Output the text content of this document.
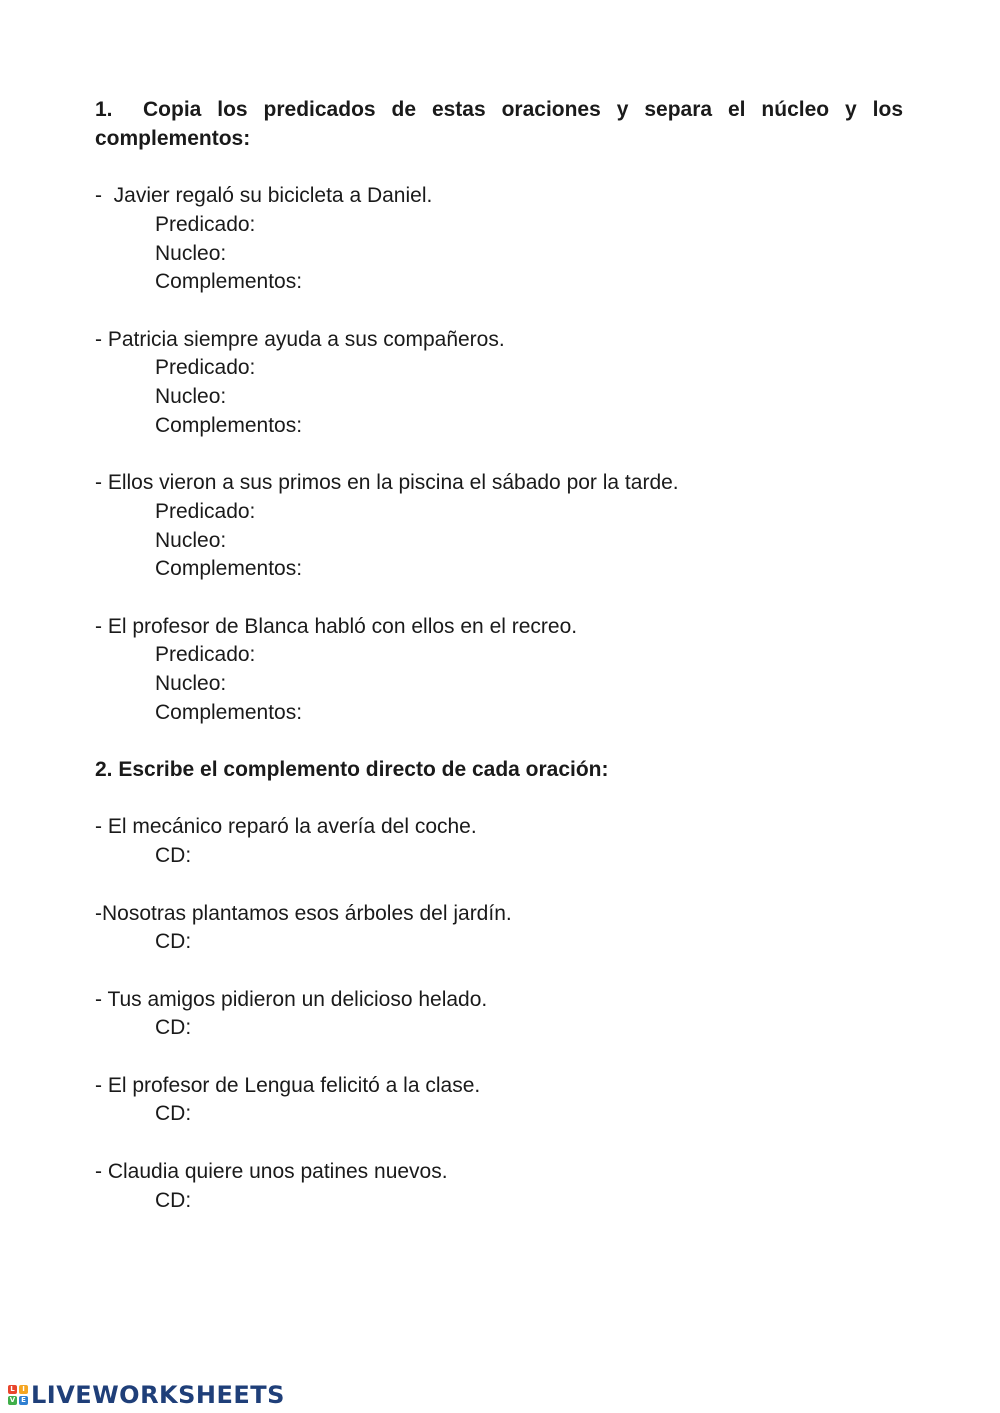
1. Copia los predicados de estas oraciones y separa el núcleo y los complementos:

-  Javier regaló su bicicleta a Daniel.

Predicado:

Nucleo:

Complementos:

- Patricia siempre ayuda a sus compañeros.

Predicado:

Nucleo:

Complementos:

- Ellos vieron a sus primos en la piscina el sábado por la tarde.

Predicado:

Nucleo:

Complementos:

- El profesor de Blanca habló con ellos en el recreo.

Predicado:

Nucleo:

Complementos:

2. Escribe el complemento directo de cada oración:

- El mecánico reparó la avería del coche.

CD:

-Nosotras plantamos esos árboles del jardín.

CD:

- Tus amigos pidieron un delicioso helado.

CD:

- El profesor de Lengua felicitó a la clase.

CD:

- Claudia quiere unos patines nuevos.

CD:

L	I
V E LIVEWORKSHEETS
